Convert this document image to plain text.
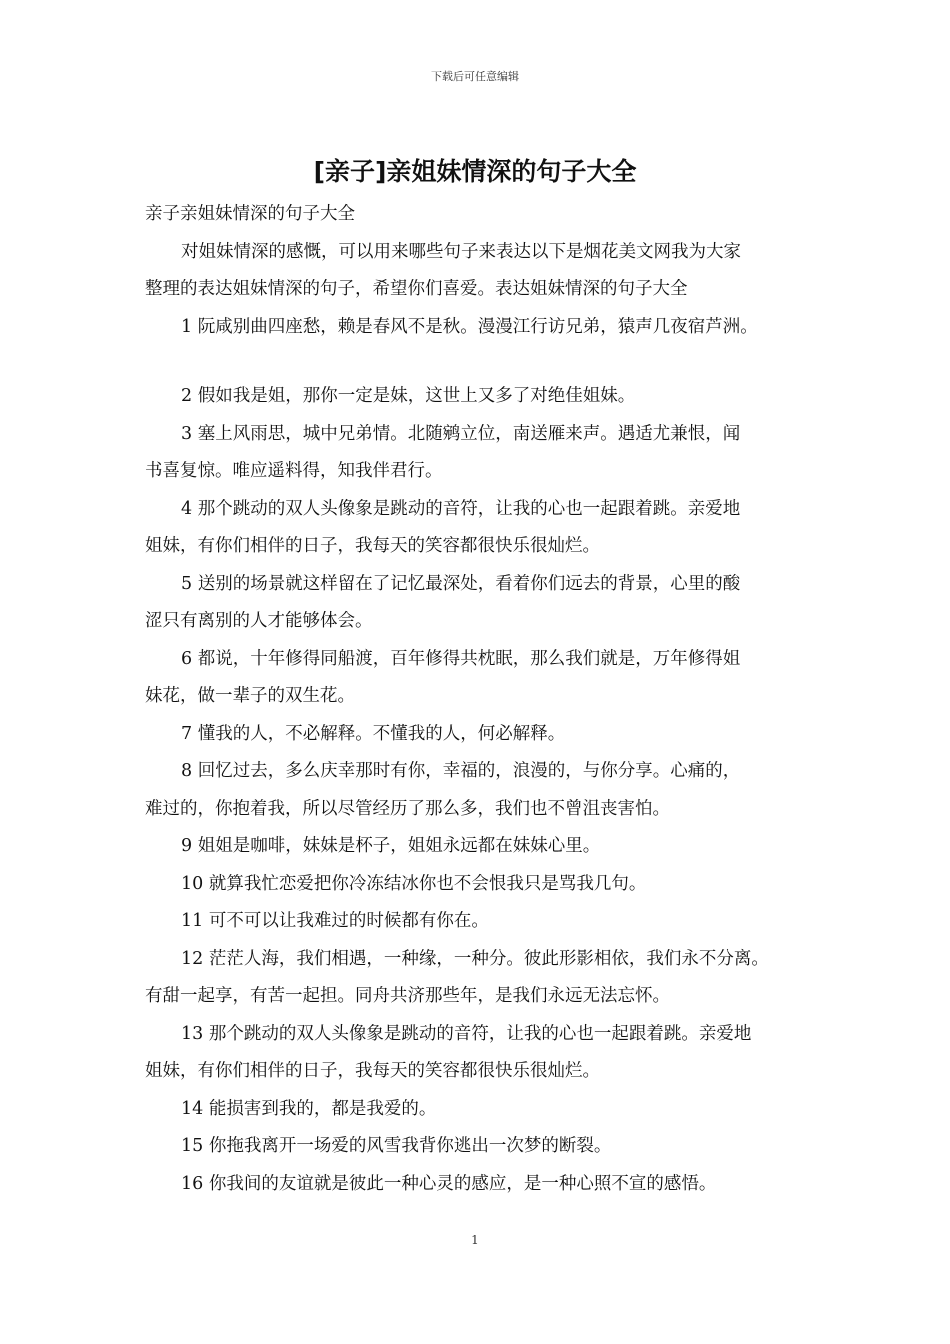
下载后可任意编辑
[亲子]亲姐妹情深的句子大全
亲子亲姐妹情深的句子大全
对姐妹情深的感慨，可以用来哪些句子来表达以下是烟花美文网我为大家
整理的表达姐妹情深的句子，希望你们喜爱。表达姐妹情深的句子大全
1 阮咸别曲四座愁，赖是春风不是秋。漫漫江行访兄弟，猿声几夜宿芦洲。
2 假如我是姐，那你一定是妹，这世上又多了对绝佳姐妹。
3 塞上风雨思，城中兄弟情。北随鹓立位，南送雁来声。遇适尤兼恨，闻
书喜复惊。唯应遥料得，知我伴君行。
4 那个跳动的双人头像象是跳动的音符，让我的心也一起跟着跳。亲爱地
姐妹，有你们相伴的日子，我每天的笑容都很快乐很灿烂。
5 送别的场景就这样留在了记忆最深处，看着你们远去的背景，心里的酸
涩只有离别的人才能够体会。
6 都说，十年修得同船渡，百年修得共枕眠，那么我们就是，万年修得姐
妹花，做一辈子的双生花。
7 懂我的人，不必解释。不懂我的人，何必解释。
8 回忆过去，多么庆幸那时有你，幸福的，浪漫的，与你分享。心痛的，
难过的，你抱着我，所以尽管经历了那么多，我们也不曾沮丧害怕。
9 姐姐是咖啡，妹妹是杯子，姐姐永远都在妹妹心里。
10 就算我忙恋爱把你冷冻结冰你也不会恨我只是骂我几句。
11 可不可以让我难过的时候都有你在。
12 茫茫人海，我们相遇，一种缘，一种分。彼此形影相依，我们永不分离。
有甜一起享，有苦一起担。同舟共济那些年，是我们永远无法忘怀。
13 那个跳动的双人头像象是跳动的音符，让我的心也一起跟着跳。亲爱地
姐妹，有你们相伴的日子，我每天的笑容都很快乐很灿烂。
14 能损害到我的，都是我爱的。
15 你拖我离开一场爱的风雪我背你逃出一次梦的断裂。
16 你我间的友谊就是彼此一种心灵的感应，是一种心照不宣的感悟。
1
